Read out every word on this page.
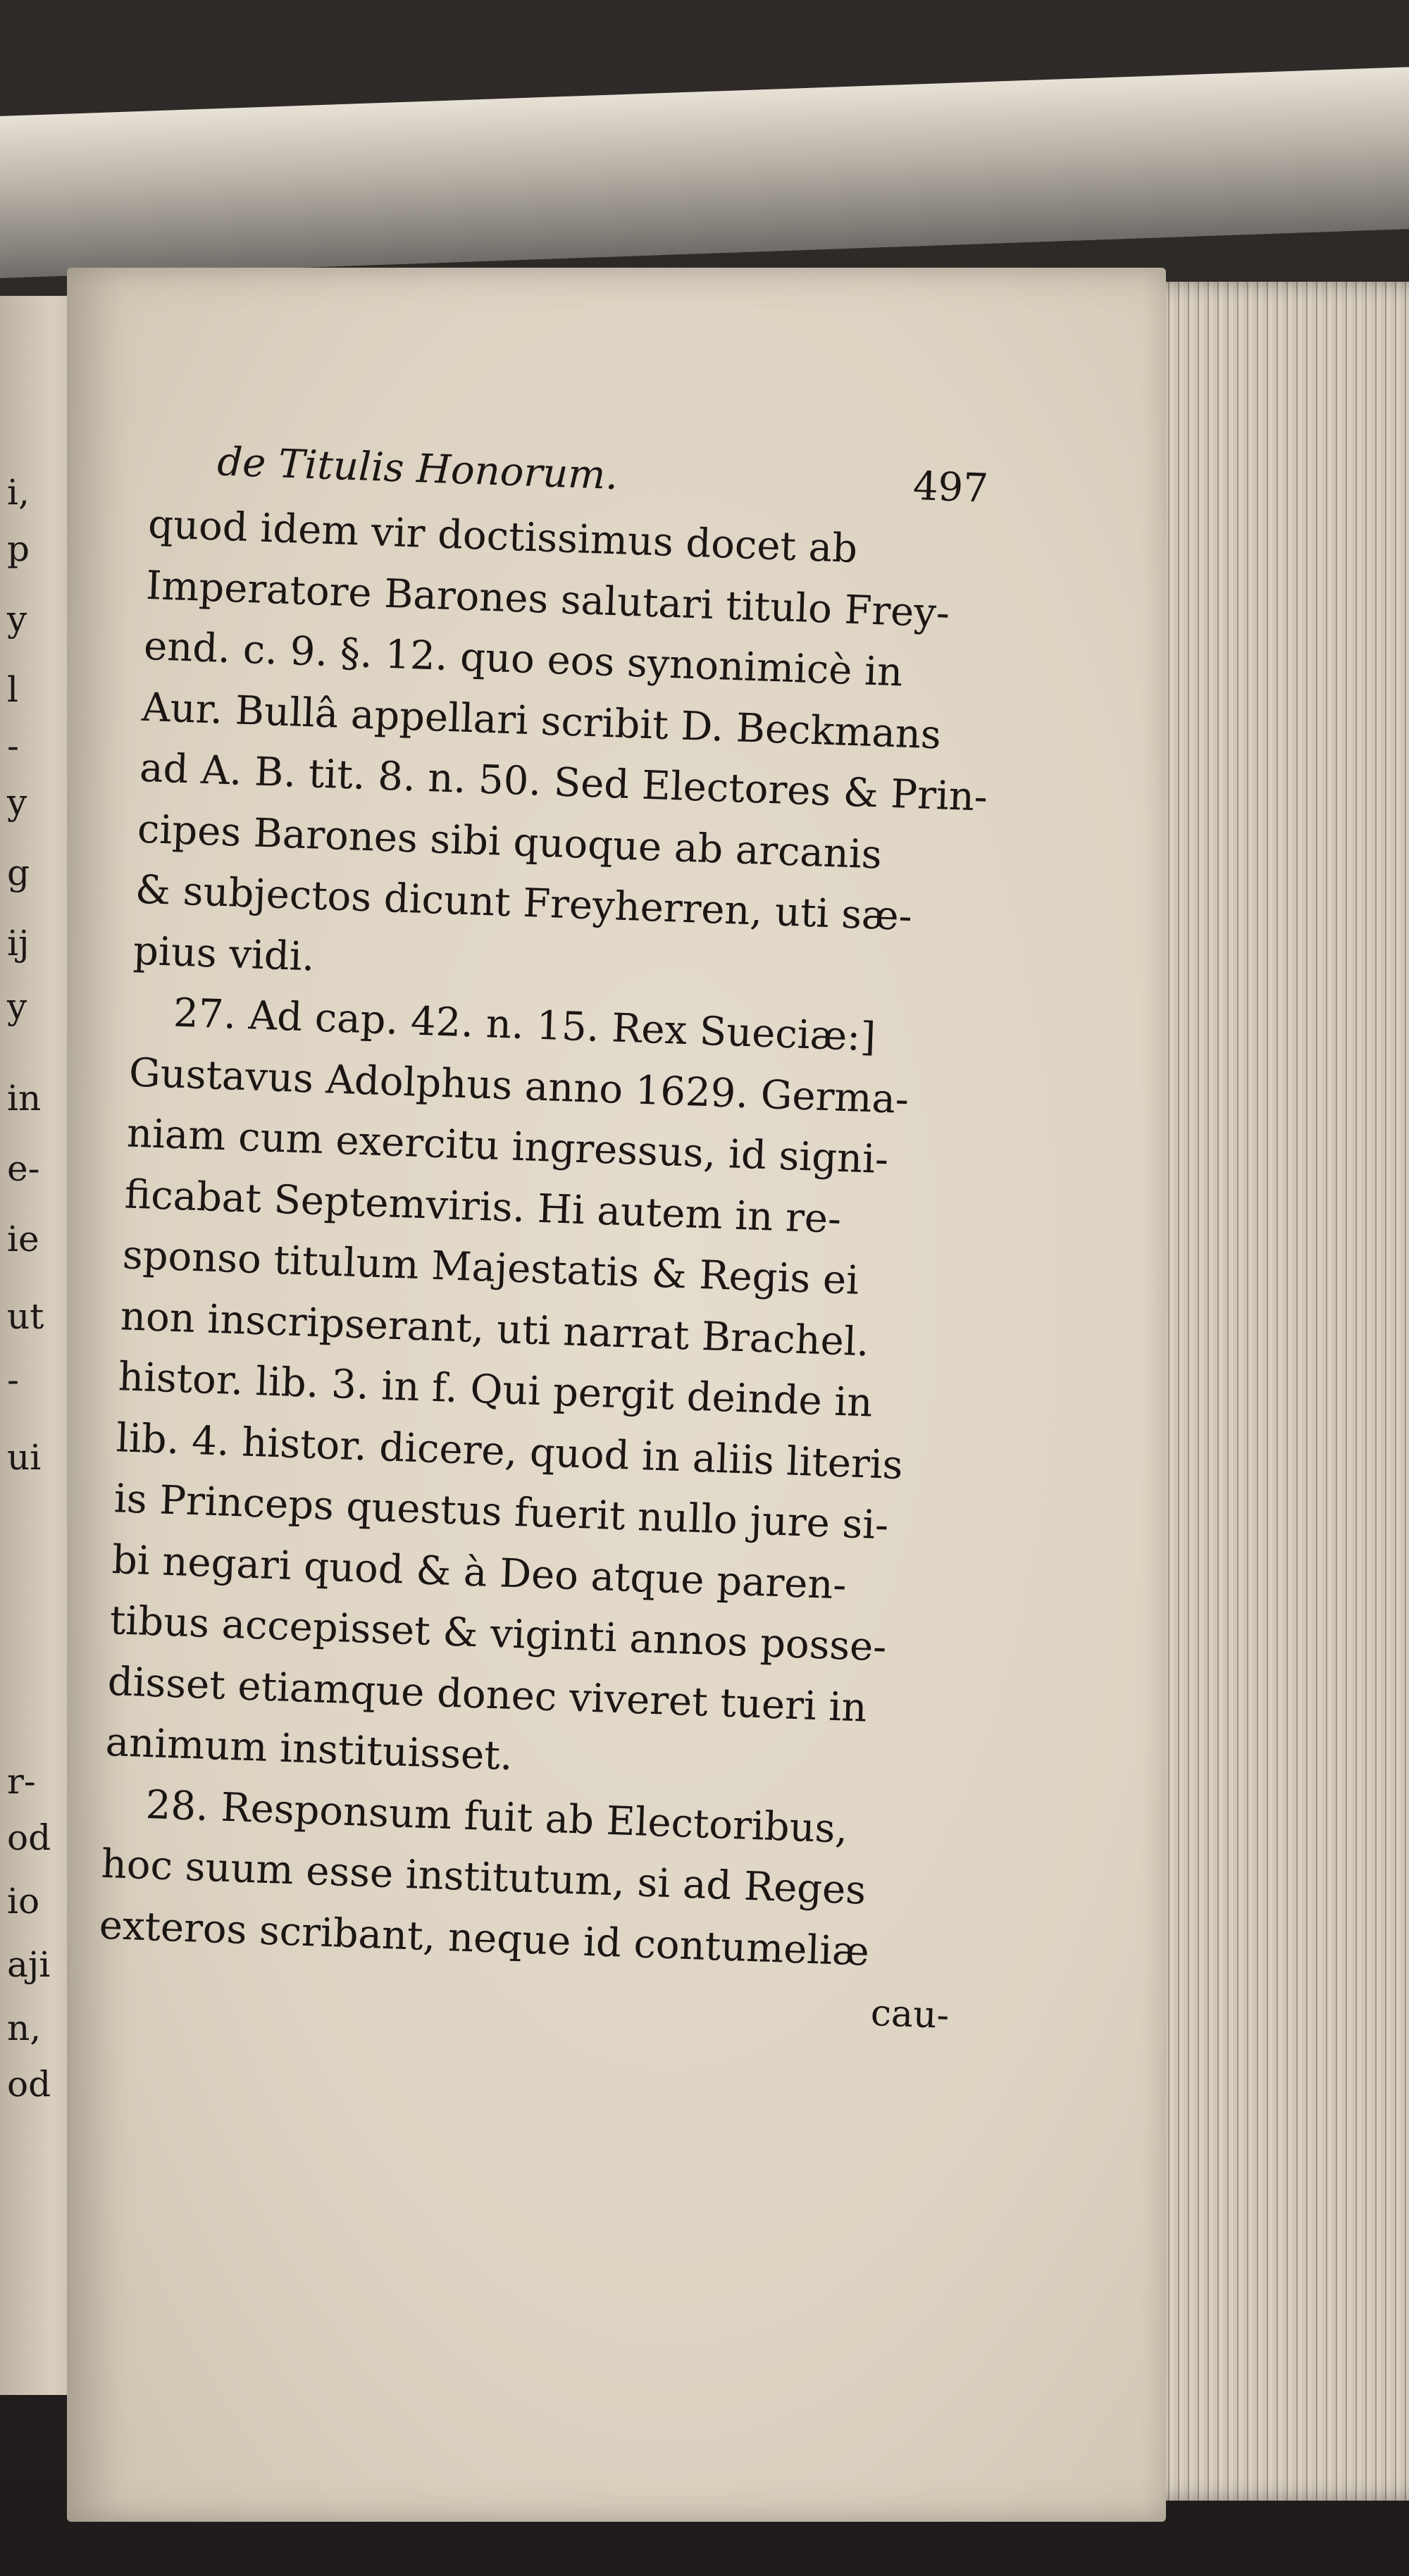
i,
p
y
l
-
y
g
ij
y
in
e-
ie
ut
-
ui
r-
od
io
aji
n,
od
de Titulis Honorum.	497
quod idem vir doctissimus docet ab
Imperatore Barones salutari titulo Frey-
end. c. 9. §. 12. quo eos synonimicè in
Aur. Bullâ appellari scribit D. Beckmans
ad A. B. tit. 8. n. 50. Sed Electores & Prin-
cipes Barones sibi quoque ab arcanis
& subjectos dicunt Freyherren, uti sæ-
pius vidi.
27. Ad cap. 42. n. 15. Rex Sueciæ:]
Gustavus Adolphus anno 1629. Germa-
niam cum exercitu ingressus, id signi-
ficabat Septemviris. Hi autem in re-
sponso titulum Majestatis & Regis ei
non inscripserant, uti narrat Brachel.
histor. lib. 3. in f. Qui pergit deinde in
lib. 4. histor. dicere, quod in aliis literis
is Princeps questus fuerit nullo jure si-
bi negari quod & à Deo atque paren-
tibus accepisset & viginti annos posse-
disset etiamque donec viveret tueri in
animum instituisset.
28. Responsum fuit ab Electoribus,
hoc suum esse institutum, si ad Reges
exteros scribant, neque id contumeliæ
cau-
